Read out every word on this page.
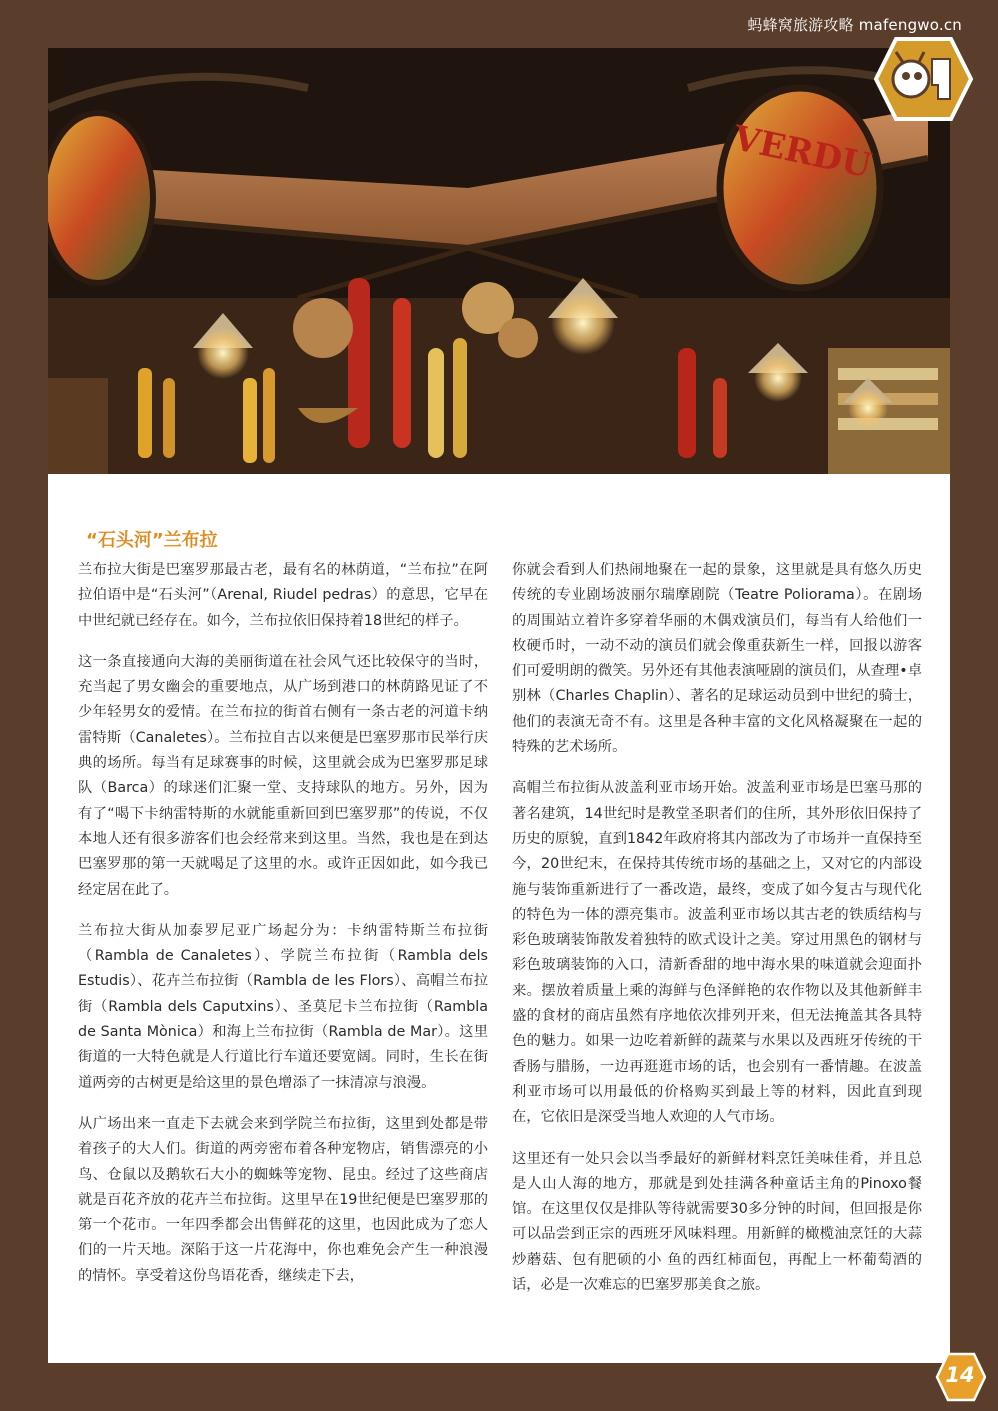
蚂蜂窝旅游攻略 mafengwo.cn
VERDU
“石头河”兰布拉

兰布拉大街是巴塞罗那最古老，最有名的林荫道，“兰布拉”在阿拉伯语中是“石头河”（Arenal, Riudel pedras）的意思，它早在中世纪就已经存在。如今，兰布拉依旧保持着18世纪的样子。

这一条直接通向大海的美丽街道在社会风气还比较保守的当时，充当起了男女幽会的重要地点，从广场到港口的林荫路见证了不少年轻男女的爱情。在兰布拉的街首右侧有一条古老的河道卡纳雷特斯（Canaletes）。兰布拉自古以来便是巴塞罗那市民举行庆典的场所。每当有足球赛事的时候，这里就会成为巴塞罗那足球队（Barca）的球迷们汇聚一堂、支持球队的地方。另外，因为有了“喝下卡纳雷特斯的水就能重新回到巴塞罗那”的传说，不仅本地人还有很多游客们也会经常来到这里。当然，我也是在到达巴塞罗那的第一天就喝足了这里的水。或许正因如此，如今我已经定居在此了。

兰布拉大街从加泰罗尼亚广场起分为：卡纳雷特斯兰布拉街（Rambla de Canaletes）、学院兰布拉街（Rambla dels Estudis）、花卉兰布拉街（Rambla de les Flors）、高帽兰布拉街（Rambla dels Caputxins）、圣莫尼卡兰布拉街（Rambla de Santa Mònica）和海上兰布拉街（Rambla de Mar）。这里街道的一大特色就是人行道比行车道还要宽阔。同时，生长在街道两旁的古树更是给这里的景色增添了一抹清凉与浪漫。

从广场出来一直走下去就会来到学院兰布拉街，这里到处都是带着孩子的大人们。街道的两旁密布着各种宠物店，销售漂亮的小鸟、仓鼠以及鹅软石大小的蜘蛛等宠物、昆虫。经过了这些商店就是百花齐放的花卉兰布拉街。这里早在19世纪便是巴塞罗那的第一个花市。一年四季都会出售鲜花的这里，也因此成为了恋人们的一片天地。深陷于这一片花海中，你也难免会产生一种浪漫的情怀。享受着这份鸟语花香，继续走下去，

你就会看到人们热闹地聚在一起的景象，这里就是具有悠久历史传统的专业剧场波丽尔瑞摩剧院（Teatre Poliorama）。在剧场的周围站立着许多穿着华丽的木偶戏演员们，每当有人给他们一枚硬币时，一动不动的演员们就会像重获新生一样，回报以游客们可爱明朗的微笑。另外还有其他表演哑剧的演员们，从查理•卓别林（Charles Chaplin）、著名的足球运动员到中世纪的骑士，他们的表演无奇不有。这里是各种丰富的文化风格凝聚在一起的特殊的艺术场所。

高帽兰布拉街从波盖利亚市场开始。波盖利亚市场是巴塞马那的著名建筑，14世纪时是教堂圣职者们的住所，其外形依旧保持了历史的原貌，直到1842年政府将其内部改为了市场并一直保持至今，20世纪末，在保持其传统市场的基础之上，又对它的内部设施与装饰重新进行了一番改造，最终，变成了如今复古与现代化的特色为一体的漂亮集市。波盖利亚市场以其古老的铁质结构与彩色玻璃装饰散发着独特的欧式设计之美。穿过用黑色的钢材与彩色玻璃装饰的入口，清新香甜的地中海水果的味道就会迎面扑来。摆放着质量上乘的海鲜与色泽鲜艳的农作物以及其他新鲜丰盛的食材的商店虽然有序地依次排列开来，但无法掩盖其各具特色的魅力。如果一边吃着新鲜的蔬菜与水果以及西班牙传统的干香肠与腊肠，一边再逛逛市场的话，也会别有一番情趣。在波盖利亚市场可以用最低的价格购买到最上等的材料，因此直到现在，它依旧是深受当地人欢迎的人气市场。

这里还有一处只会以当季最好的新鲜材料烹饪美味佳肴，并且总是人山人海的地方，那就是到处挂满各种童话主角的Pinoxo餐馆。在这里仅仅是排队等待就需要30多分钟的时间，但回报是你可以品尝到正宗的西班牙风味料理。用新鲜的橄榄油烹饪的大蒜炒蘑菇、包有肥硕的小 鱼的西红柿面包，再配上一杯葡萄酒的话，必是一次难忘的巴塞罗那美食之旅。

14
